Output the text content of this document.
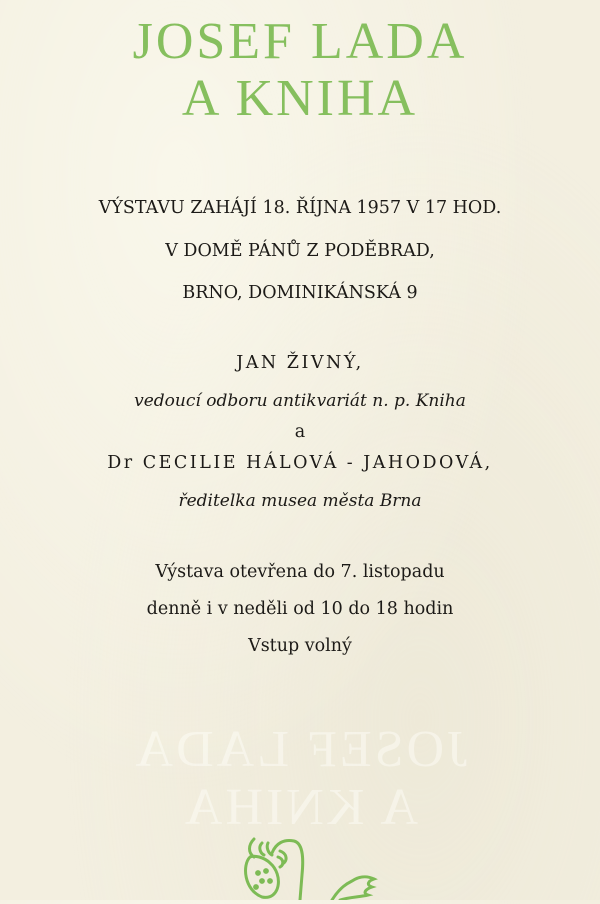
JOSEF LADA
A KNIHA
VÝSTAVU ZAHÁJÍ 18. ŘÍJNA 1957 V 17 HOD.
V DOMĚ PÁNŮ Z PODĚBRAD,
BRNO, DOMINIKÁNSKÁ 9
JAN ŽIVNÝ,
vedoucí odboru antikvariát n. p. Kniha
a
Dr CECILIE HÁLOVÁ - JAHODOVÁ,
ředitelka musea města Brna
Výstava otevřena do 7. listopadu
denně i v neděli od 10 do 18 hodin
Vstup volný
JOSEF LADA
A KNIHA
